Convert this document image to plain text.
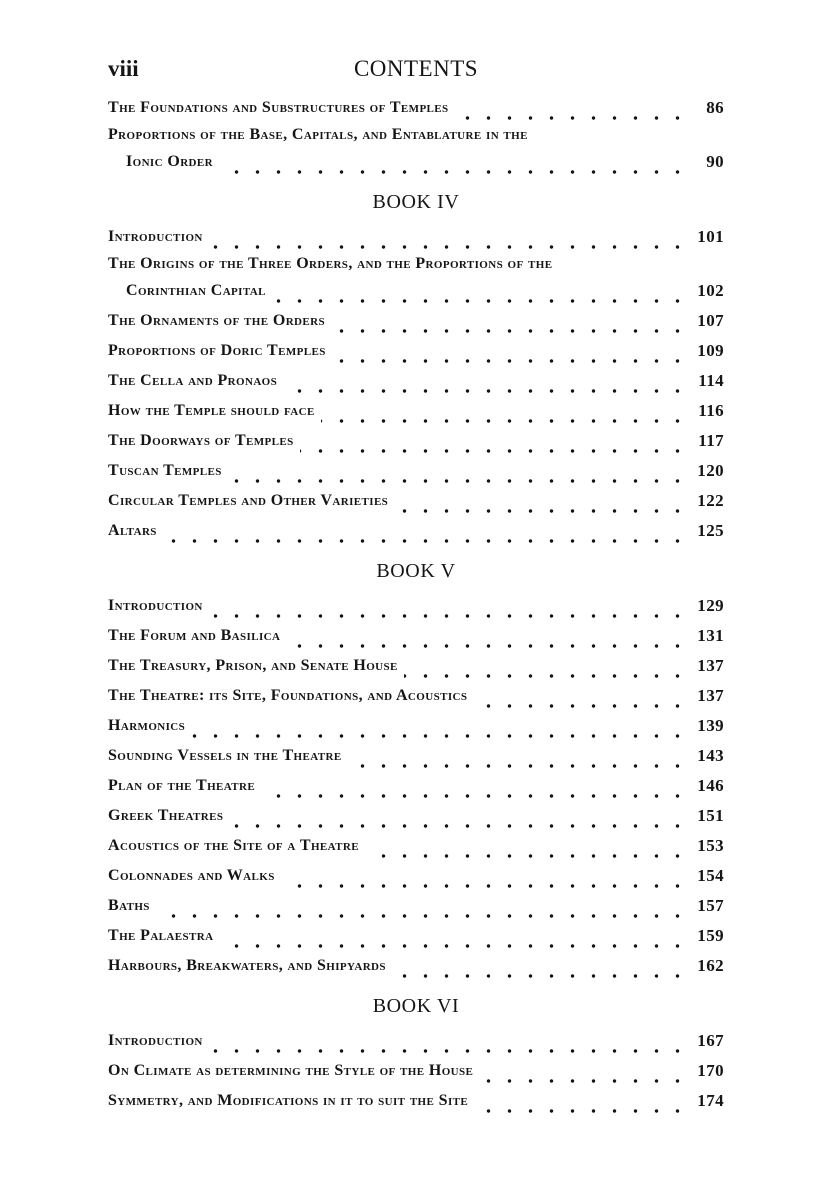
viii	CONTENTS
The Foundations and Substructures of Temples	86
Proportions of the Base, Capitals, and Entablature in the
Ionic Order	90
BOOK IV
Introduction	101
The Origins of the Three Orders, and the Proportions of the
Corinthian Capital	102
The Ornaments of the Orders	107
Proportions of Doric Temples	109
The Cella and Pronaos	114
How the Temple should face	116
The Doorways of Temples	117
Tuscan Temples	120
Circular Temples and Other Varieties	122
Altars	125
BOOK V
Introduction	129
The Forum and Basilica	131
The Treasury, Prison, and Senate House	137
The Theatre: its Site, Foundations, and Acoustics	137
Harmonics	139
Sounding Vessels in the Theatre	143
Plan of the Theatre	146
Greek Theatres	151
Acoustics of the Site of a Theatre	153
Colonnades and Walks	154
Baths	157
The Palaestra	159
Harbours, Breakwaters, and Shipyards	162
BOOK VI
Introduction	167
On Climate as determining the Style of the House	170
Symmetry, and Modifications in it to suit the Site	174
